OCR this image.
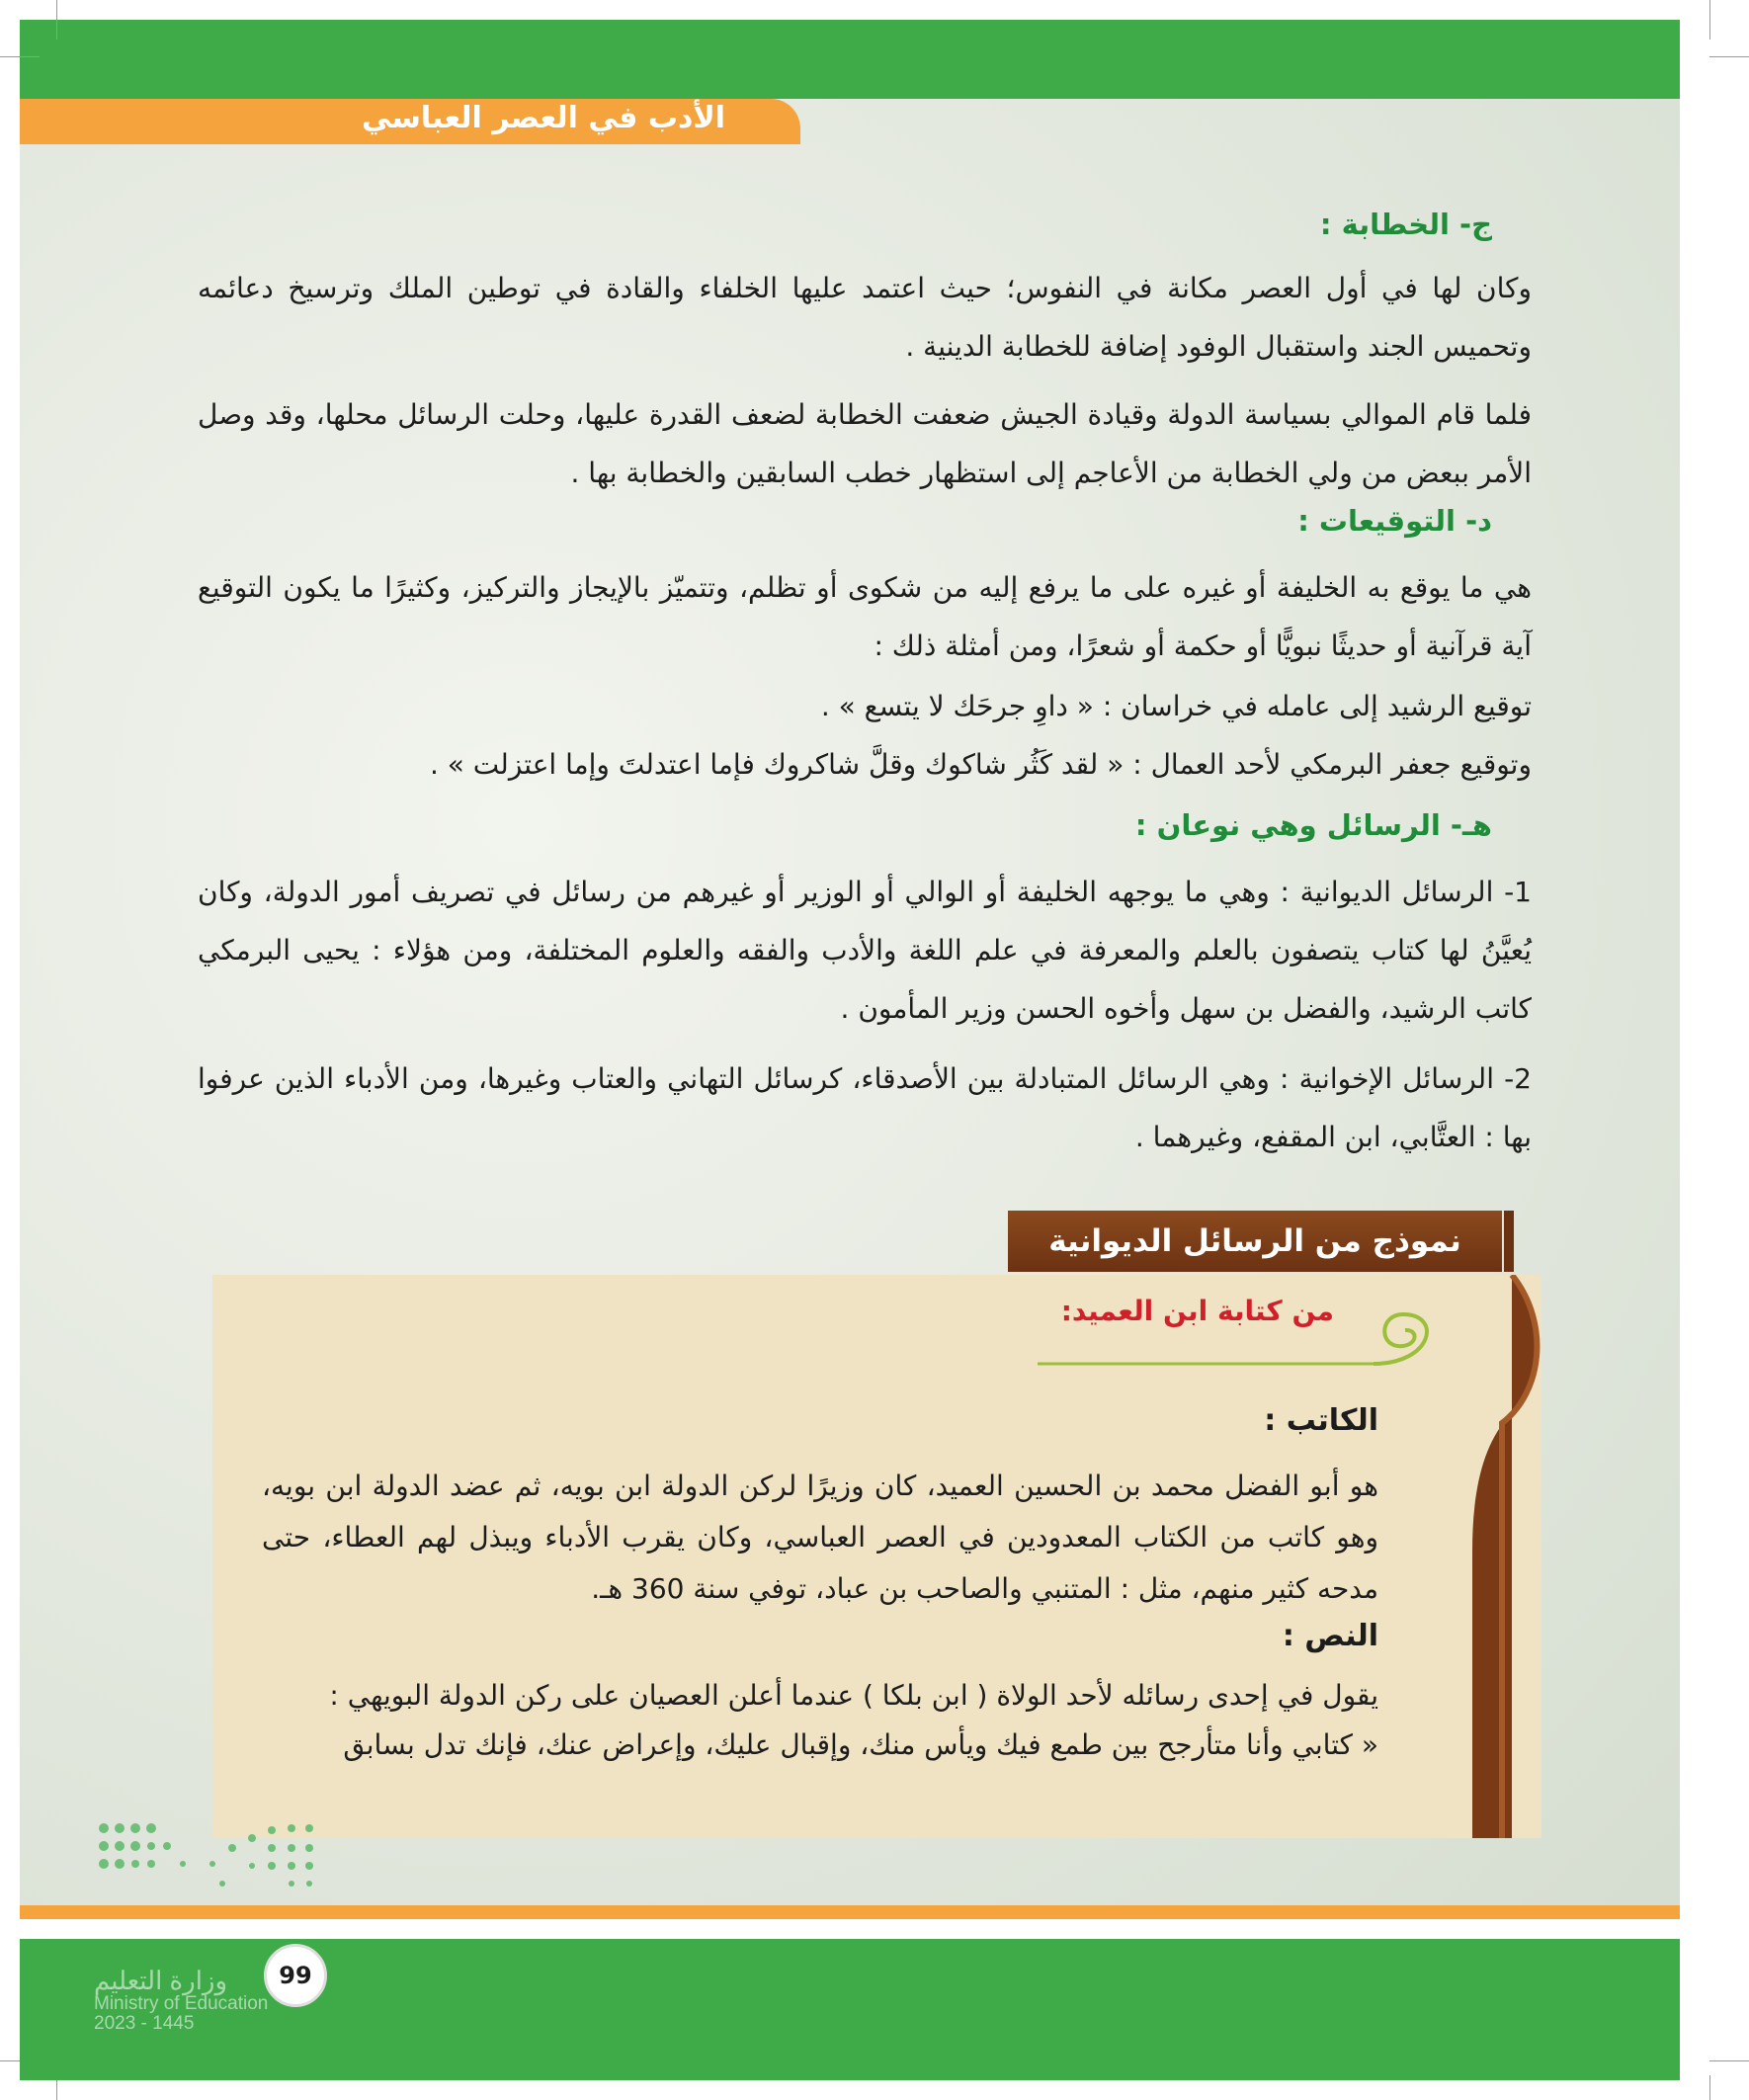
الأدب في العصر العباسي
ج- الخطابة :
وكان لها في أول العصر مكانة في النفوس؛ حيث اعتمد عليها الخلفاء والقادة في توطين الملك وترسيخ دعائمه وتحميس الجند واستقبال الوفود إضافة للخطابة الدينية .
فلما قام الموالي بسياسة الدولة وقيادة الجيش ضعفت الخطابة لضعف القدرة عليها، وحلت الرسائل محلها، وقد وصل الأمر ببعض من ولي الخطابة من الأعاجم إلى استظهار خطب السابقين والخطابة بها .
د- التوقيعات :
هي ما يوقع به الخليفة أو غيره على ما يرفع إليه من شكوى أو تظلم، وتتميّز بالإيجاز والتركيز، وكثيرًا ما يكون التوقيع آية قرآنية أو حديثًا نبويًّا أو حكمة أو شعرًا، ومن أمثلة ذلك :
توقيع الرشيد إلى عامله في خراسان : « داوِ جرحَك لا يتسع » .
وتوقيع جعفر البرمكي لأحد العمال : « لقد كَثُر شاكوك وقلَّ شاكروك فإما اعتدلتَ وإما اعتزلت » .
هـ- الرسائل وهي نوعان :
1- الرسائل الديوانية : وهي ما يوجهه الخليفة أو الوالي أو الوزير أو غيرهم من رسائل في تصريف أمور الدولة، وكان يُعيَّنُ لها كتاب يتصفون بالعلم والمعرفة في علم اللغة والأدب والفقه والعلوم المختلفة، ومن هؤلاء : يحيى البرمكي كاتب الرشيد، والفضل بن سهل وأخوه الحسن وزير المأمون .
2- الرسائل الإخوانية : وهي الرسائل المتبادلة بين الأصدقاء، كرسائل التهاني والعتاب وغيرها، ومن الأدباء الذين عرفوا بها : العتَّابي، ابن المقفع، وغيرهما .
نموذج من الرسائل الديوانية
من كتابة ابن العميد:
الكاتب :
هو أبو الفضل محمد بن الحسين العميد، كان وزيرًا لركن الدولة ابن بويه، ثم عضد الدولة ابن بويه، وهو كاتب من الكتاب المعدودين في العصر العباسي، وكان يقرب الأدباء ويبذل لهم العطاء، حتى مدحه كثير منهم، مثل : المتنبي والصاحب بن عباد، توفي سنة 360 هـ.
النص :
يقول في إحدى رسائله لأحد الولاة ( ابن بلكا ) عندما أعلن العصيان على ركن الدولة البويهي :
« كتابي وأنا متأرجح بين طمع فيك ويأس منك، وإقبال عليك، وإعراض عنك، فإنك تدل بسابق
وزارة التعليم
Ministry of Education
2023 - 1445
99
